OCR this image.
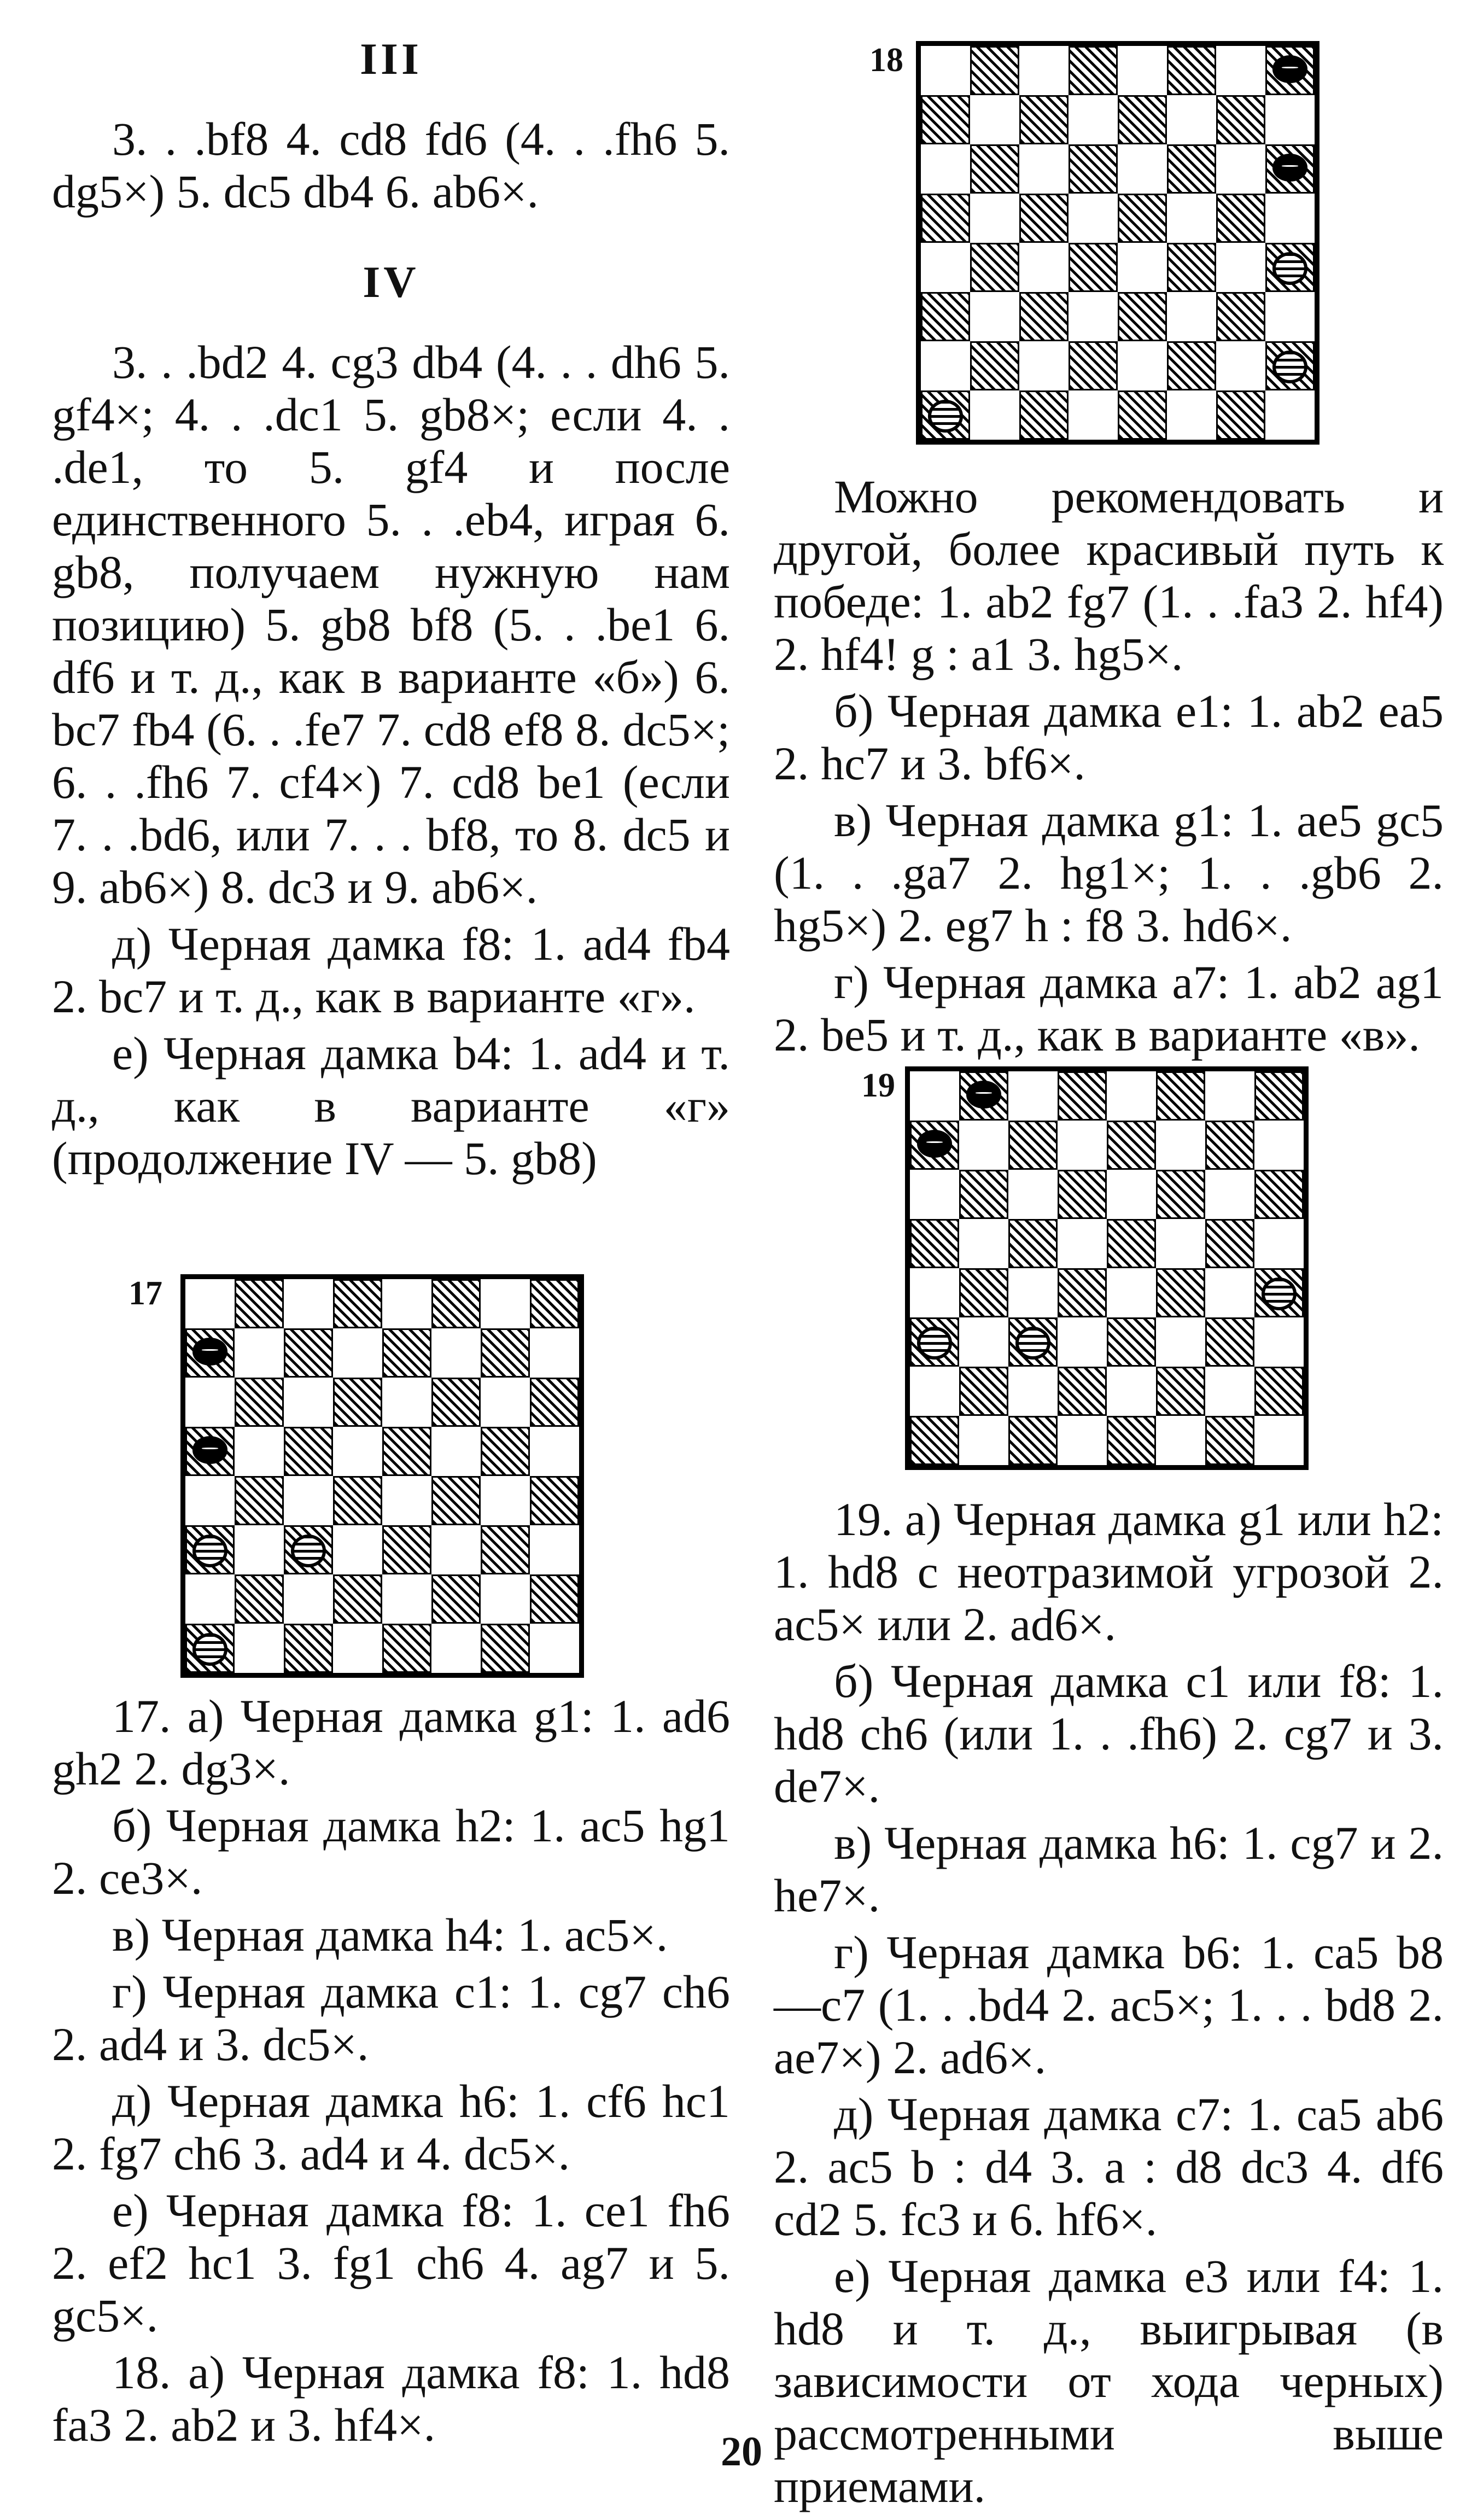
III

3. . .bf8 4. cd8 fd6 (4. . .fh6 5. dg5×) 5. dc5 db4 6. ab6×.

IV

3. . .bd2 4. cg3 db4 (4. . . dh6 5. gf4×; 4. . .dc1 5. gb8×; если 4. . .de1, то 5. gf4 и после единственного 5. . .eb4, играя 6. gb8, получаем нужную нам позицию) 5. gb8 bf8 (5. . .be1 6. df6 и т. д., как в варианте «б») 6. bc7 fb4 (6. . .fe7 7. cd8 ef8 8. dc5×; 6. . .fh6 7. cf4×) 7. cd8 be1 (если 7. . .bd6, или 7. . . bf8, то 8. dc5 и 9. ab6×) 8. dc3 и 9. ab6×.

д) Черная дамка f8: 1. ad4 fb4 2. bc7 и т. д., как в варианте «г».

е) Черная дамка b4: 1. ad4 и т. д., как в варианте «г» (продолжение IV — 5. gb8)

17

17. а) Черная дамка g1: 1. ad6 gh2 2. dg3×.

б) Черная дамка h2: 1. ac5 hg1 2. ce3×.

в) Черная дамка h4: 1. ac5×.

г) Черная дамка c1: 1. cg7 ch6 2. ad4 и 3. dc5×.

д) Черная дамка h6: 1. cf6 hc1 2. fg7 ch6 3. ad4 и 4. dc5×.

е) Черная дамка f8: 1. ce1 fh6 2. ef2 hc1 3. fg1 ch6 4. ag7 и 5. gc5×.

18. а) Черная дамка f8: 1. hd8 fa3 2. ab2 и 3. hf4×.

18

Можно рекомендовать и другой, более красивый путь к победе: 1. ab2 fg7 (1. . .fa3 2. hf4) 2. hf4! g : a1 3. hg5×.

б) Черная дамка e1: 1. ab2 ea5 2. hc7 и 3. bf6×.

в) Черная дамка g1: 1. ae5 gc5 (1. . .ga7 2. hg1×; 1. . .gb6 2. hg5×) 2. eg7 h : f8 3. hd6×.

г) Черная дамка a7: 1. ab2 ag1 2. be5 и т. д., как в варианте «в».

19

19. а) Черная дамка g1 или h2: 1. hd8 с неотразимой угрозой 2. ac5× или 2. ad6×.

б) Черная дамка c1 или f8: 1. hd8 ch6 (или 1. . .fh6) 2. cg7 и 3. de7×.

в) Черная дамка h6: 1. cg7 и 2. he7×.

г) Черная дамка b6: 1. ca5 b8—c7 (1. . .bd4 2. ac5×; 1. . . bd8 2. ae7×) 2. ad6×.

д) Черная дамка c7: 1. ca5 ab6 2. ac5 b : d4 3. a : d8 dc3 4. df6 cd2 5. fc3 и 6. hf6×.

е) Черная дамка e3 или f4: 1. hd8 и т. д., выигрывая (в зависимости от хода черных) рассмотренными выше приемами.

20
